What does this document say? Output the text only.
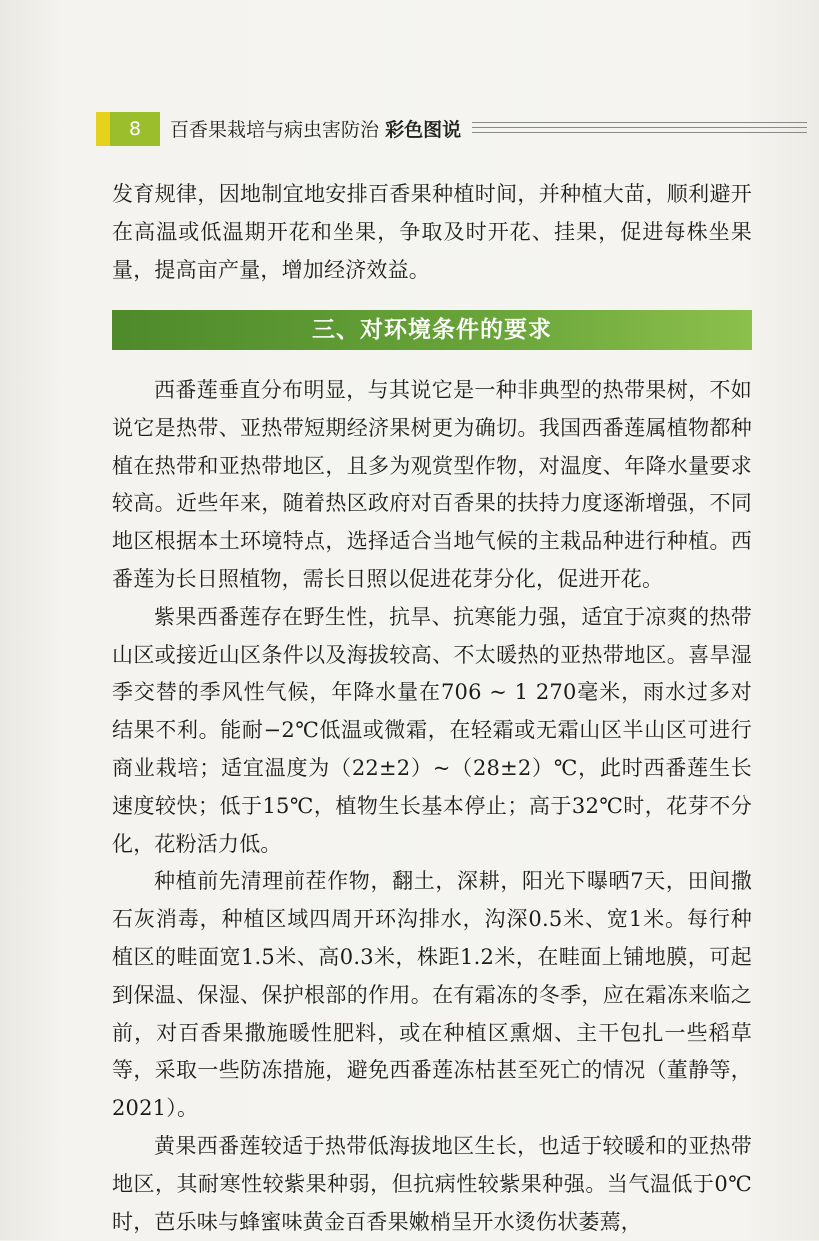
8	百香果栽培与病虫害防治 彩色图说

发育规律，因地制宜地安排百香果种植时间，并种植大苗，顺利避开在高温或低温期开花和坐果，争取及时开花、挂果，促进每株坐果量，提高亩产量，增加经济效益。

三、对环境条件的要求

西番莲垂直分布明显，与其说它是一种非典型的热带果树，不如说它是热带、亚热带短期经济果树更为确切。我国西番莲属植物都种植在热带和亚热带地区，且多为观赏型作物，对温度、年降水量要求较高。近些年来，随着热区政府对百香果的扶持力度逐渐增强，不同地区根据本土环境特点，选择适合当地气候的主栽品种进行种植。西番莲为长日照植物，需长日照以促进花芽分化，促进开花。

紫果西番莲存在野生性，抗旱、抗寒能力强，适宜于凉爽的热带山区或接近山区条件以及海拔较高、不太暖热的亚热带地区。喜旱湿季交替的季风性气候，年降水量在706 ~ 1 270毫米，雨水过多对结果不利。能耐−2℃低温或微霜，在轻霜或无霜山区半山区可进行商业栽培；适宜温度为（22±2）~（28±2）℃，此时西番莲生长速度较快；低于15℃，植物生长基本停止；高于32℃时，花芽不分化，花粉活力低。

种植前先清理前茬作物，翻土，深耕，阳光下曝晒7天，田间撒石灰消毒，种植区域四周开环沟排水，沟深0.5米、宽1米。每行种植区的畦面宽1.5米、高0.3米，株距1.2米，在畦面上铺地膜，可起到保温、保湿、保护根部的作用。在有霜冻的冬季，应在霜冻来临之前，对百香果撒施暖性肥料，或在种植区熏烟、主干包扎一些稻草等，采取一些防冻措施，避免西番莲冻枯甚至死亡的情况（董静等，2021）。

黄果西番莲较适于热带低海拔地区生长，也适于较暖和的亚热带地区，其耐寒性较紫果种弱，但抗病性较紫果种强。当气温低于0℃时，芭乐味与蜂蜜味黄金百香果嫩梢呈开水烫伤状萎蔫，
